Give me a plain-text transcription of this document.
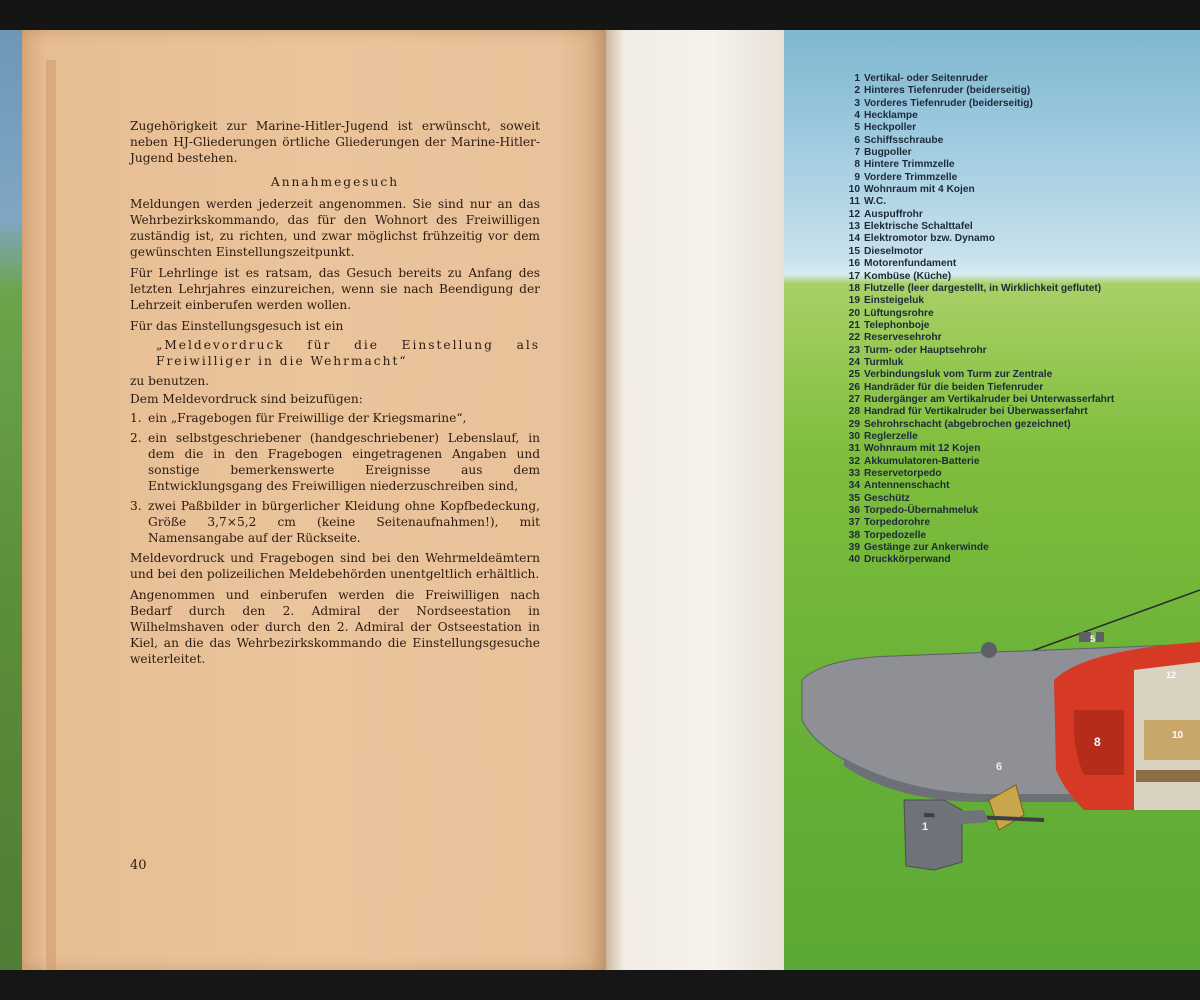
Zugehörigkeit zur Marine-Hitler-Jugend ist erwünscht, soweit neben HJ-Gliederungen örtliche Gliederungen der Marine-Hitler-Jugend bestehen.

Annahmegesuch

Meldungen werden jederzeit angenommen. Sie sind nur an das Wehrbezirkskommando, das für den Wohnort des Freiwilligen zuständig ist, zu richten, und zwar möglichst frühzeitig vor dem gewünschten Einstellungszeitpunkt.

Für Lehrlinge ist es ratsam, das Gesuch bereits zu Anfang des letzten Lehrjahres einzureichen, wenn sie nach Beendigung der Lehrzeit einberufen werden wollen.

Für das Einstellungsgesuch ist ein

„Meldevordruck für die Einstellung als Freiwilliger in die Wehrmacht“

zu benutzen.

Dem Meldevordruck sind beizufügen:

1. ein „Fragebogen für Freiwillige der Kriegsmarine“,
2. ein selbstgeschriebener (handgeschriebener) Lebenslauf, in dem die in den Fragebogen eingetragenen Angaben und sonstige bemerkenswerte Ereignisse aus dem Entwicklungsgang des Freiwilligen niederzuschreiben sind,
3. zwei Paßbilder in bürgerlicher Kleidung ohne Kopfbedeckung, Größe 3,7×5,2 cm (keine Seitenaufnahmen!), mit Namensangabe auf der Rückseite.

Meldevordruck und Fragebogen sind bei den Wehrmeldeämtern und bei den polizeilichen Meldebehörden unentgeltlich erhältlich.

Angenommen und einberufen werden die Freiwilligen nach Bedarf durch den 2. Admiral der Nordseestation in Wilhelmshaven oder durch den 2. Admiral der Ostseestation in Kiel, an die das Wehrbezirkskommando die Einstellungsgesuche weiterleitet.

40
1 Vertikal- oder Seitenruder
2 Hinteres Tiefenruder (beiderseitig)
3 Vorderes Tiefenruder (beiderseitig)
4 Hecklampe
5 Heckpoller
6 Schiffsschraube
7 Bugpoller
8 Hintere Trimmzelle
9 Vordere Trimmzelle
10 Wohnraum mit 4 Kojen
11 W.C.
12 Auspuffrohr
13 Elektrische Schalttafel
14 Elektromotor bzw. Dynamo
15 Dieselmotor
16 Motorenfundament
17 Kombüse (Küche)
18 Flutzelle (leer dargestellt, in Wirklichkeit geflutet)
19 Einsteigeluk
20 Lüftungsrohre
21 Telephonboje
22 Reservesehrohr
23 Turm- oder Hauptsehrohr
24 Turmluk
25 Verbindungsluk vom Turm zur Zentrale
26 Handräder für die beiden Tiefenruder
27 Rudergänger am Vertikalruder bei Unterwasserfahrt
28 Handrad für Vertikalruder bei Überwasserfahrt
29 Sehrohrschacht (abgebrochen gezeichnet)
30 Reglerzelle
31 Wohnraum mit 12 Kojen
32 Akkumulatoren-Batterie
33 Reservetorpedo
34 Antennenschacht
35 Geschütz
36 Torpedo-Übernahmeluk
37 Torpedorohre
38 Torpedozelle
39 Gestänge zur Ankerwinde
40 Druckkörperwand
1
6
8	10
12
5
